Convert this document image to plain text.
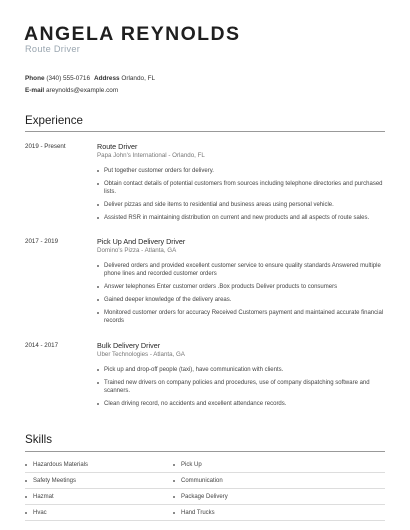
ANGELA REYNOLDS
Route Driver
Phone (340) 555-0716 Address Orlando, FL
E-mail areynolds@example.com
Experience
2019 - Present	Route Driver
Papa John's International - Orlando, FL
Put together customer orders for delivery.
Obtain contact details of potential customers from sources including telephone directories and purchased lists.
Deliver pizzas and side items to residential and business areas using personal vehicle.
Assisted RSR in maintaining distribution on current and new products and all aspects of route sales.
2017 - 2019	Pick Up And Delivery Driver
Domino's Pizza - Atlanta, GA
Delivered orders and provided excellent customer service to ensure quality standards Answered multiple phone lines and recorded customer orders
Answer telephones Enter customer orders .Box products Deliver products to consumers
Gained deeper knowledge of the delivery areas.
Monitored customer orders for accuracy Received Customers payment and maintained accurate financial records
2014 - 2017	Bulk Delivery Driver
Uber Technologies - Atlanta, GA
Pick up and drop-off people (taxi), have communication with clients.
Trained new drivers on company policies and procedures, use of company dispatching software and scanners.
Clean driving record, no accidents and excellent attendance records.
Skills
Hazardous Materials
Safety Meetings
Hazmat
Hvac
Pick Up
Communication
Package Delivery
Hand Trucks
